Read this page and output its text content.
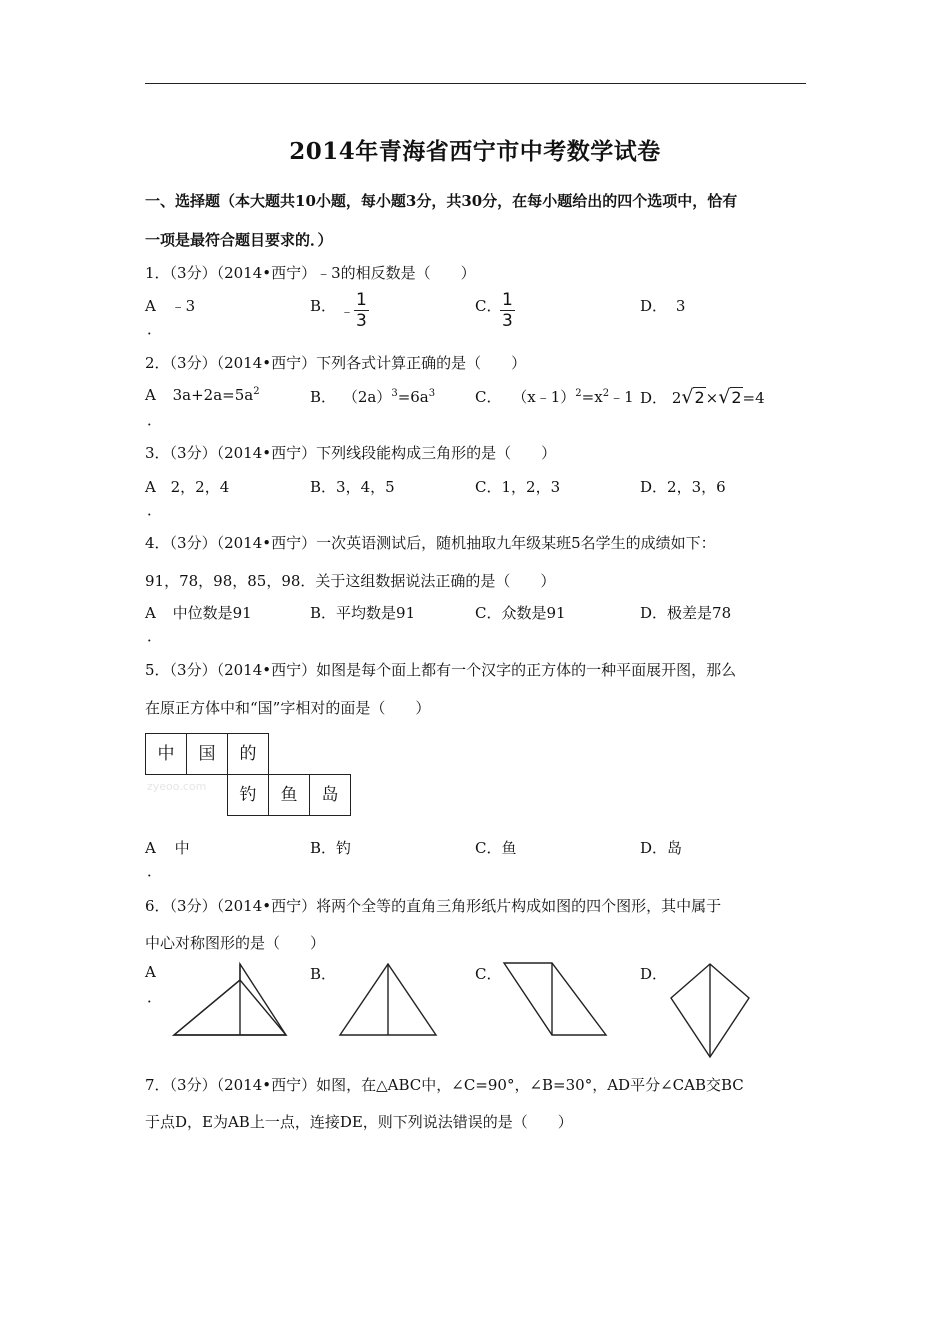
2014年青海省西宁市中考数学试卷
一、选择题（本大题共10小题，每小题3分，共30分，在每小题给出的四个选项中，恰有
一项是最符合题目要求的．）
1．（3分）（2014•西宁）﹣3的相反数是（　　）
A ﹣3
．
B． ﹣ $\frac{1}{3}$	C．
$\frac{1}{3}$	D． 3
2．（3分）（2014•西宁）下列各式计算正确的是（　　）
A $3a+2a=5a^2$
．
B． $(2a)^3=6a^3$	C． $(x﹣1)^2=x^2﹣1$ D． 2√2×√2=4
3．（3分）（2014•西宁）下列线段能构成三角形的是（　　）
A 2，2，4
．
B．3，4，5	C．1，2，3	D．2，3，6
4．（3分）（2014•西宁）一次英语测试后，随机抽取九年级某班5名学生的成绩如下：
91，78，98，85，98．关于这组数据说法正确的是（　　）
A 中位数是91
．
B．平均数是91	C．众数是91	D．极差是78
5．（3分）（2014•西宁）如图是每个面上都有一个汉字的正方体的一种平面展开图，那么
在原正方体中和“国”字相对的面是（　　）
中	国	的
钓	鱼	岛
zyeoo.com
A 中
．
B．钓	C．鱼	D．岛
6．（3分）（2014•西宁）将两个全等的直角三角形纸片构成如图的四个图形，其中属于
中心对称图形的是（　　）
A
．
B．	C．	D．
7．（3分）（2014•西宁）如图，在△ABC中，∠C=90°，∠B=30°，AD平分∠CAB交BC
于点D，E为AB上一点，连接DE，则下列说法错误的是（　　）
